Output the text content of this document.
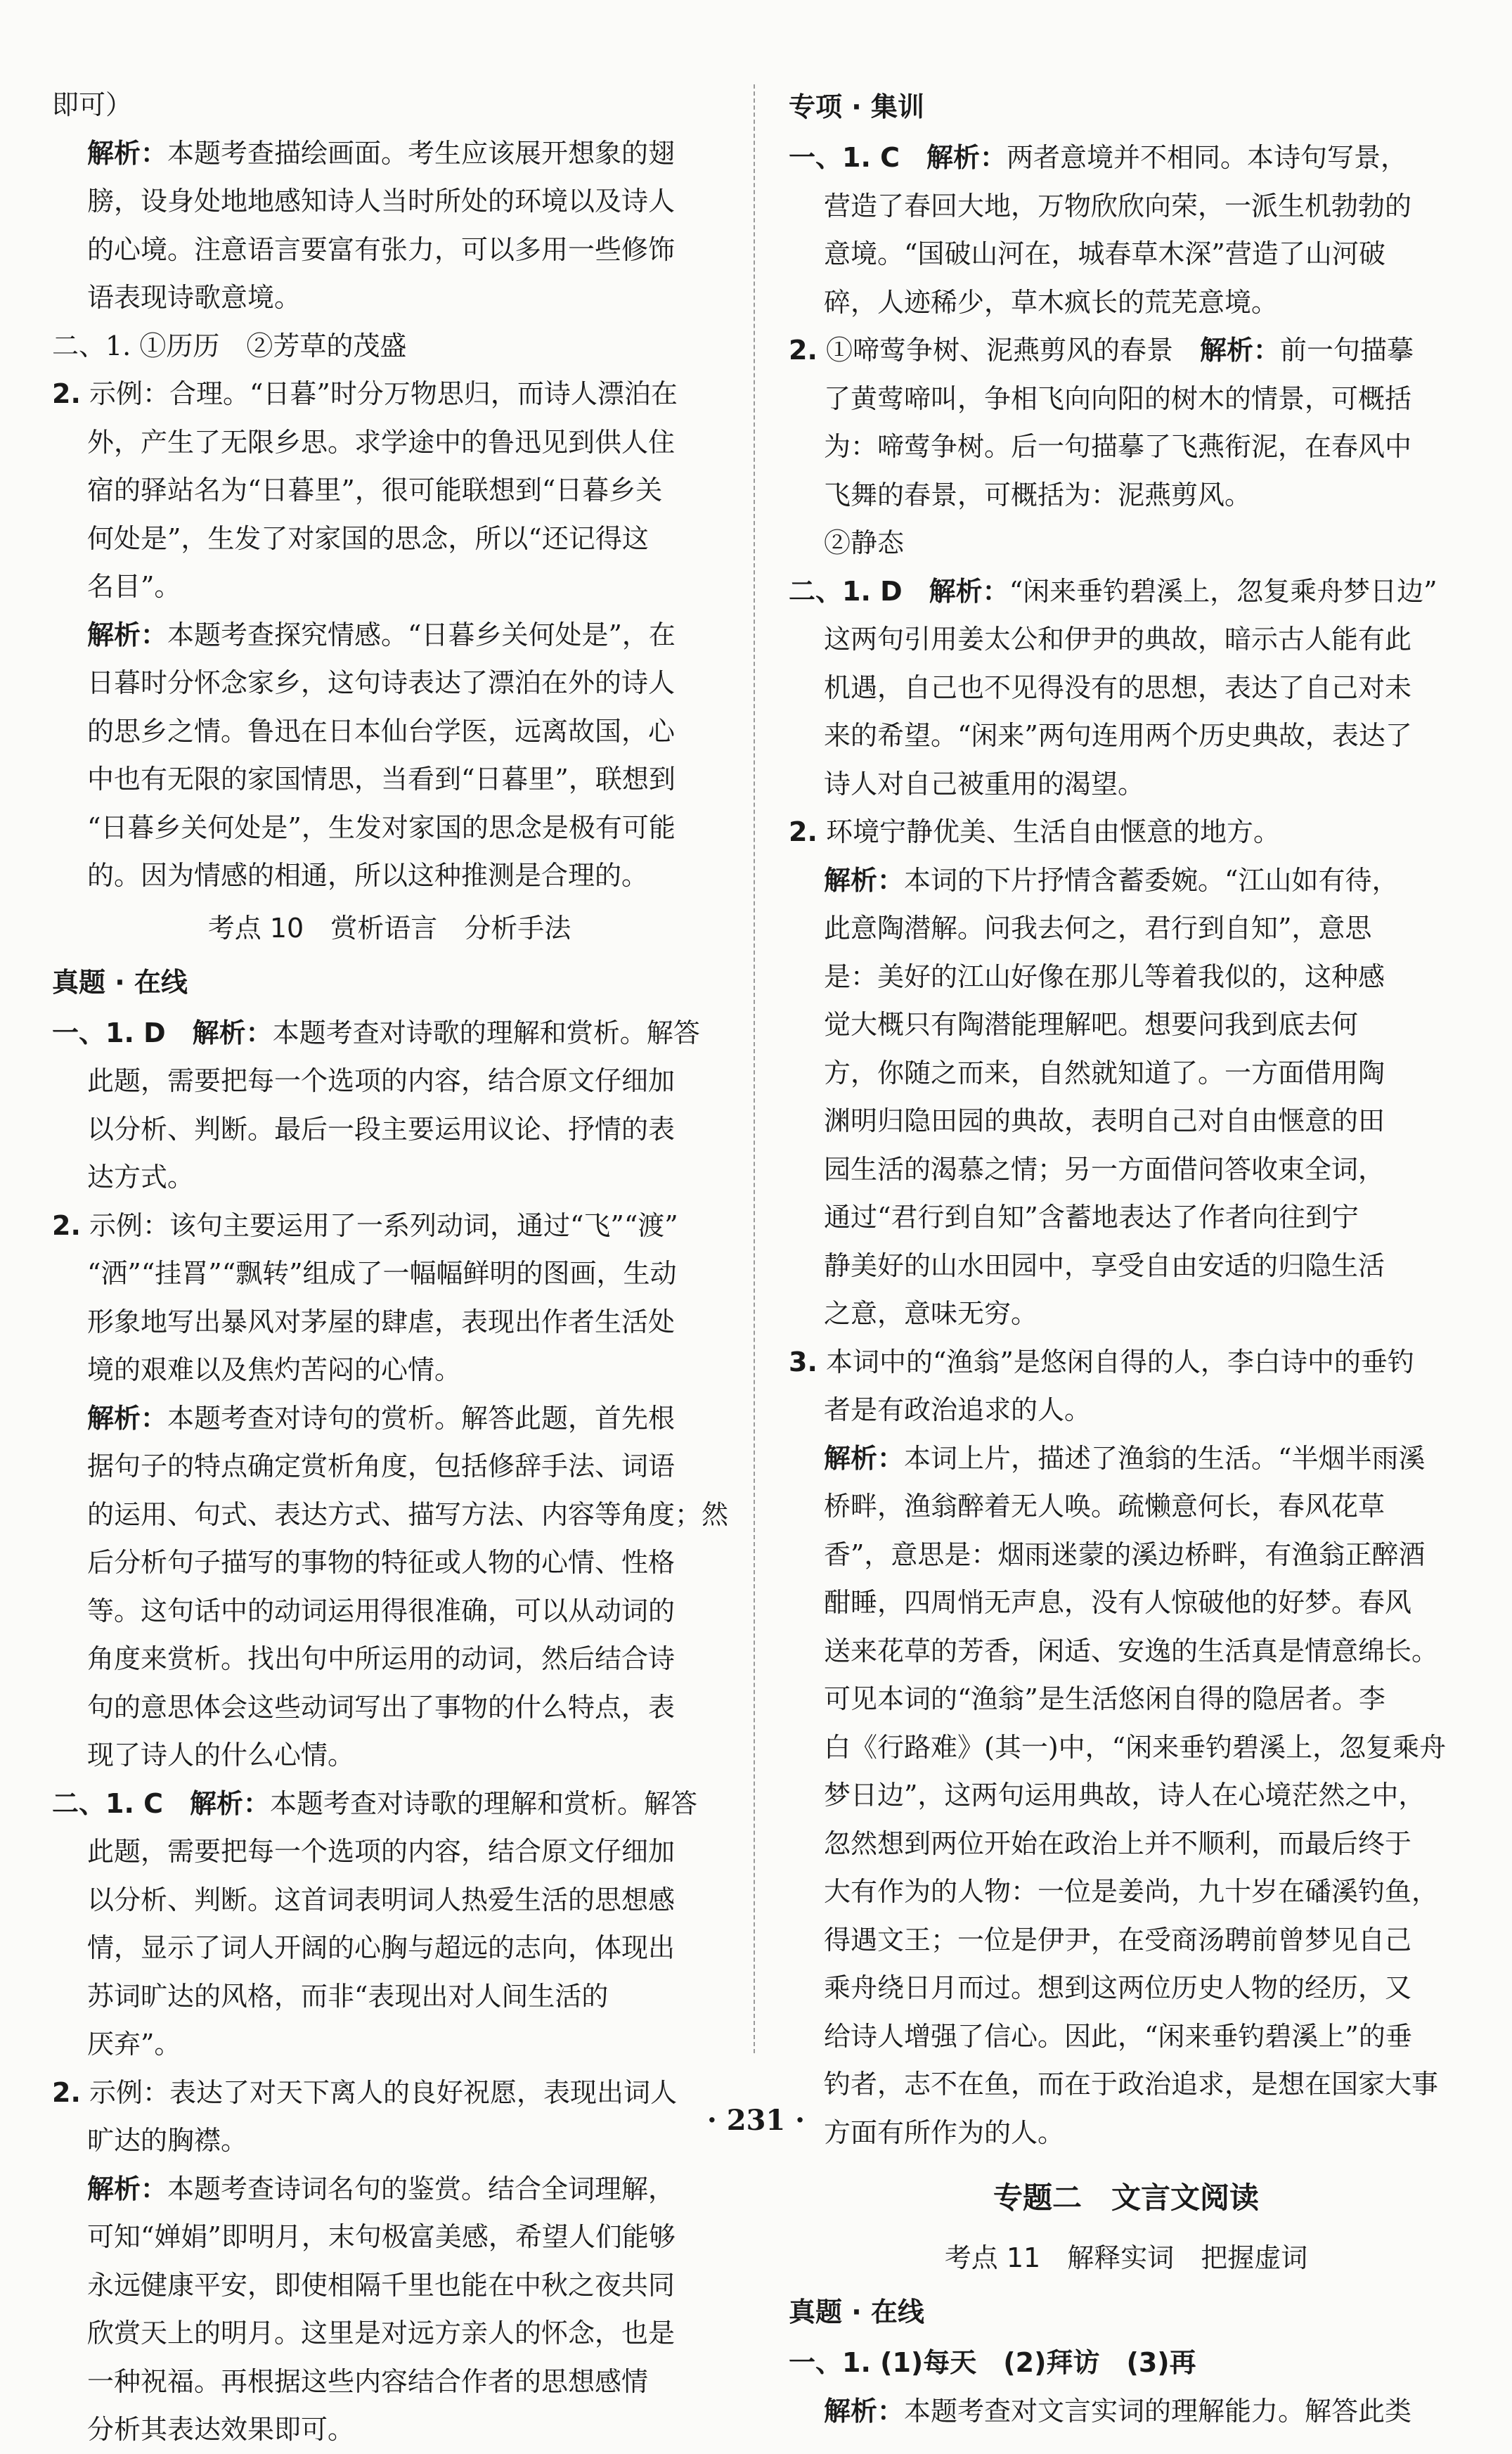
即可）
解析：本题考查描绘画面。考生应该展开想象的翅
膀，设身处地地感知诗人当时所处的环境以及诗人
的心境。注意语言要富有张力，可以多用一些修饰
语表现诗歌意境。
二、1. ①历历　②芳草的茂盛
2. 示例：合理。“日暮”时分万物思归，而诗人漂泊在
外，产生了无限乡思。求学途中的鲁迅见到供人住
宿的驿站名为“日暮里”，很可能联想到“日暮乡关
何处是”，生发了对家国的思念，所以“还记得这
名目”。
解析：本题考查探究情感。“日暮乡关何处是”，在
日暮时分怀念家乡，这句诗表达了漂泊在外的诗人
的思乡之情。鲁迅在日本仙台学医，远离故国，心
中也有无限的家国情思，当看到“日暮里”，联想到
“日暮乡关何处是”，生发对家国的思念是极有可能
的。因为情感的相通，所以这种推测是合理的。
考点 10　赏析语言　分析手法
真题 · 在线
一、1. D　 解析：本题考查对诗歌的理解和赏析。解答
此题，需要把每一个选项的内容，结合原文仔细加
以分析、判断。最后一段主要运用议论、抒情的表
达方式。
2. 示例：该句主要运用了一系列动词，通过“飞”“渡”
“洒”“挂罥”“飘转”组成了一幅幅鲜明的图画，生动
形象地写出暴风对茅屋的肆虐，表现出作者生活处
境的艰难以及焦灼苦闷的心情。
解析：本题考查对诗句的赏析。解答此题，首先根
据句子的特点确定赏析角度，包括修辞手法、词语
的运用、句式、表达方式、描写方法、内容等角度；然
后分析句子描写的事物的特征或人物的心情、性格
等。这句话中的动词运用得很准确，可以从动词的
角度来赏析。找出句中所运用的动词，然后结合诗
句的意思体会这些动词写出了事物的什么特点，表
现了诗人的什么心情。
二、1. C　 解析：本题考查对诗歌的理解和赏析。解答
此题，需要把每一个选项的内容，结合原文仔细加
以分析、判断。这首词表明词人热爱生活的思想感
情，显示了词人开阔的心胸与超远的志向，体现出
苏词旷达的风格，而非“表现出对人间生活的
厌弃”。
2. 示例：表达了对天下离人的良好祝愿，表现出词人
旷达的胸襟。
解析：本题考查诗词名句的鉴赏。结合全词理解，
可知“婵娟”即明月，末句极富美感，希望人们能够
永远健康平安，即使相隔千里也能在中秋之夜共同
欣赏天上的明月。这里是对远方亲人的怀念，也是
一种祝福。再根据这些内容结合作者的思想感情
分析其表达效果即可。
专项 · 集训
一、1. C　 解析：两者意境并不相同。本诗句写景，
营造了春回大地，万物欣欣向荣，一派生机勃勃的
意境。“国破山河在，城春草木深”营造了山河破
碎，人迹稀少，草木疯长的荒芜意境。
2. ①啼莺争树、泥燕剪风的春景　 解析：前一句描摹
了黄莺啼叫，争相飞向向阳的树木的情景，可概括
为：啼莺争树。后一句描摹了飞燕衔泥，在春风中
飞舞的春景，可概括为：泥燕剪风。
②静态
二、1. D　 解析：“闲来垂钓碧溪上，忽复乘舟梦日边”
这两句引用姜太公和伊尹的典故，暗示古人能有此
机遇，自己也不见得没有的思想，表达了自己对未
来的希望。“闲来”两句连用两个历史典故，表达了
诗人对自己被重用的渴望。
2. 环境宁静优美、生活自由惬意的地方。
解析：本词的下片抒情含蓄委婉。“江山如有待，
此意陶潜解。问我去何之，君行到自知”，意思
是：美好的江山好像在那儿等着我似的，这种感
觉大概只有陶潜能理解吧。想要问我到底去何
方，你随之而来，自然就知道了。一方面借用陶
渊明归隐田园的典故，表明自己对自由惬意的田
园生活的渴慕之情；另一方面借问答收束全词，
通过“君行到自知”含蓄地表达了作者向往到宁
静美好的山水田园中，享受自由安适的归隐生活
之意，意味无穷。
3. 本词中的“渔翁”是悠闲自得的人，李白诗中的垂钓
者是有政治追求的人。
解析：本词上片，描述了渔翁的生活。“半烟半雨溪
桥畔，渔翁醉着无人唤。疏懒意何长，春风花草
香”，意思是：烟雨迷蒙的溪边桥畔，有渔翁正醉酒
酣睡，四周悄无声息，没有人惊破他的好梦。春风
送来花草的芳香，闲适、安逸的生活真是情意绵长。
可见本词的“渔翁”是生活悠闲自得的隐居者。李
白《行路难》(其一)中，“闲来垂钓碧溪上，忽复乘舟
梦日边”，这两句运用典故，诗人在心境茫然之中，
忽然想到两位开始在政治上并不顺利，而最后终于
大有作为的人物：一位是姜尚，九十岁在磻溪钓鱼，
得遇文王；一位是伊尹，在受商汤聘前曾梦见自己
乘舟绕日月而过。想到这两位历史人物的经历，又
给诗人增强了信心。因此，“闲来垂钓碧溪上”的垂
钓者，志不在鱼，而在于政治追求，是想在国家大事
方面有所作为的人。
专题二　文言文阅读
考点 11　解释实词　把握虚词
真题 · 在线
一、1. (1)每天　(2)拜访　(3)再
解析：本题考查对文言实词的理解能力。解答此类
· 231 ·
